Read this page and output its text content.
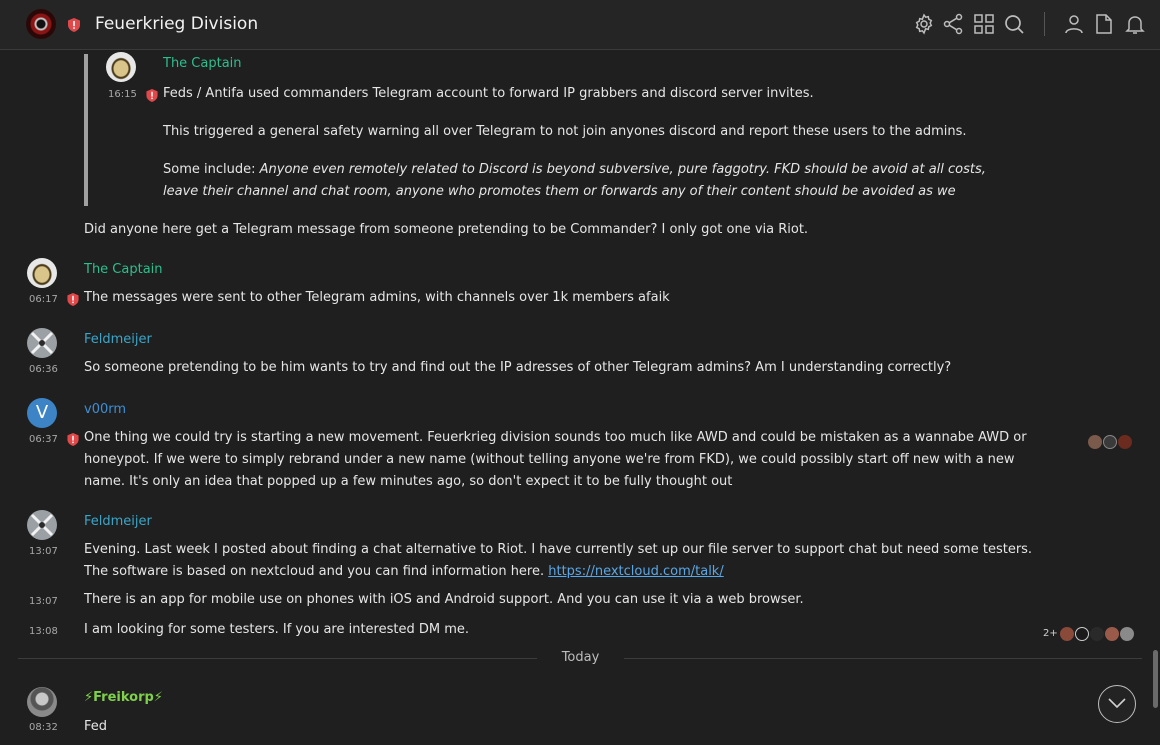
Feuerkrieg Division
The Captain
16:15 Feds / Antifa used commanders Telegram account to forward IP grabbers and discord server invites.
This triggered a general safety warning all over Telegram to not join anyones discord and report these users to the admins.
Some include: Anyone even remotely related to Discord is beyond subversive, pure faggotry. FKD should be avoid at all costs,
leave their channel and chat room, anyone who promotes them or forwards any of their content should be avoided as we
Did anyone here get a Telegram message from someone pretending to be Commander? I only got one via Riot.
The Captain
06:17 The messages were sent to other Telegram admins, with channels over 1k members afaik
Feldmeijer
06:36 So someone pretending to be him wants to try and find out the IP adresses of other Telegram admins? Am I understanding correctly?
V	v00rm
06:37 One thing we could try is starting a new movement. Feuerkrieg division sounds too much like AWD and could be mistaken as a wannabe AWD or
honeypot. If we were to simply rebrand under a new name (without telling anyone we're from FKD), we could possibly start off new with a new
name. It's only an idea that popped up a few minutes ago, so don't expect it to be fully thought out
Feldmeijer
13:07 Evening. Last week I posted about finding a chat alternative to Riot. I have currently set up our file server to support chat but need some testers.
The software is based on nextcloud and you can find information here. https://nextcloud.com/talk/
13:07 There is an app for mobile use on phones with iOS and Android support. And you can use it via a web browser.
13:08 I am looking for some testers. If you are interested DM me.	2+
Today
⚡Freikorp⚡
08:32 Fed
